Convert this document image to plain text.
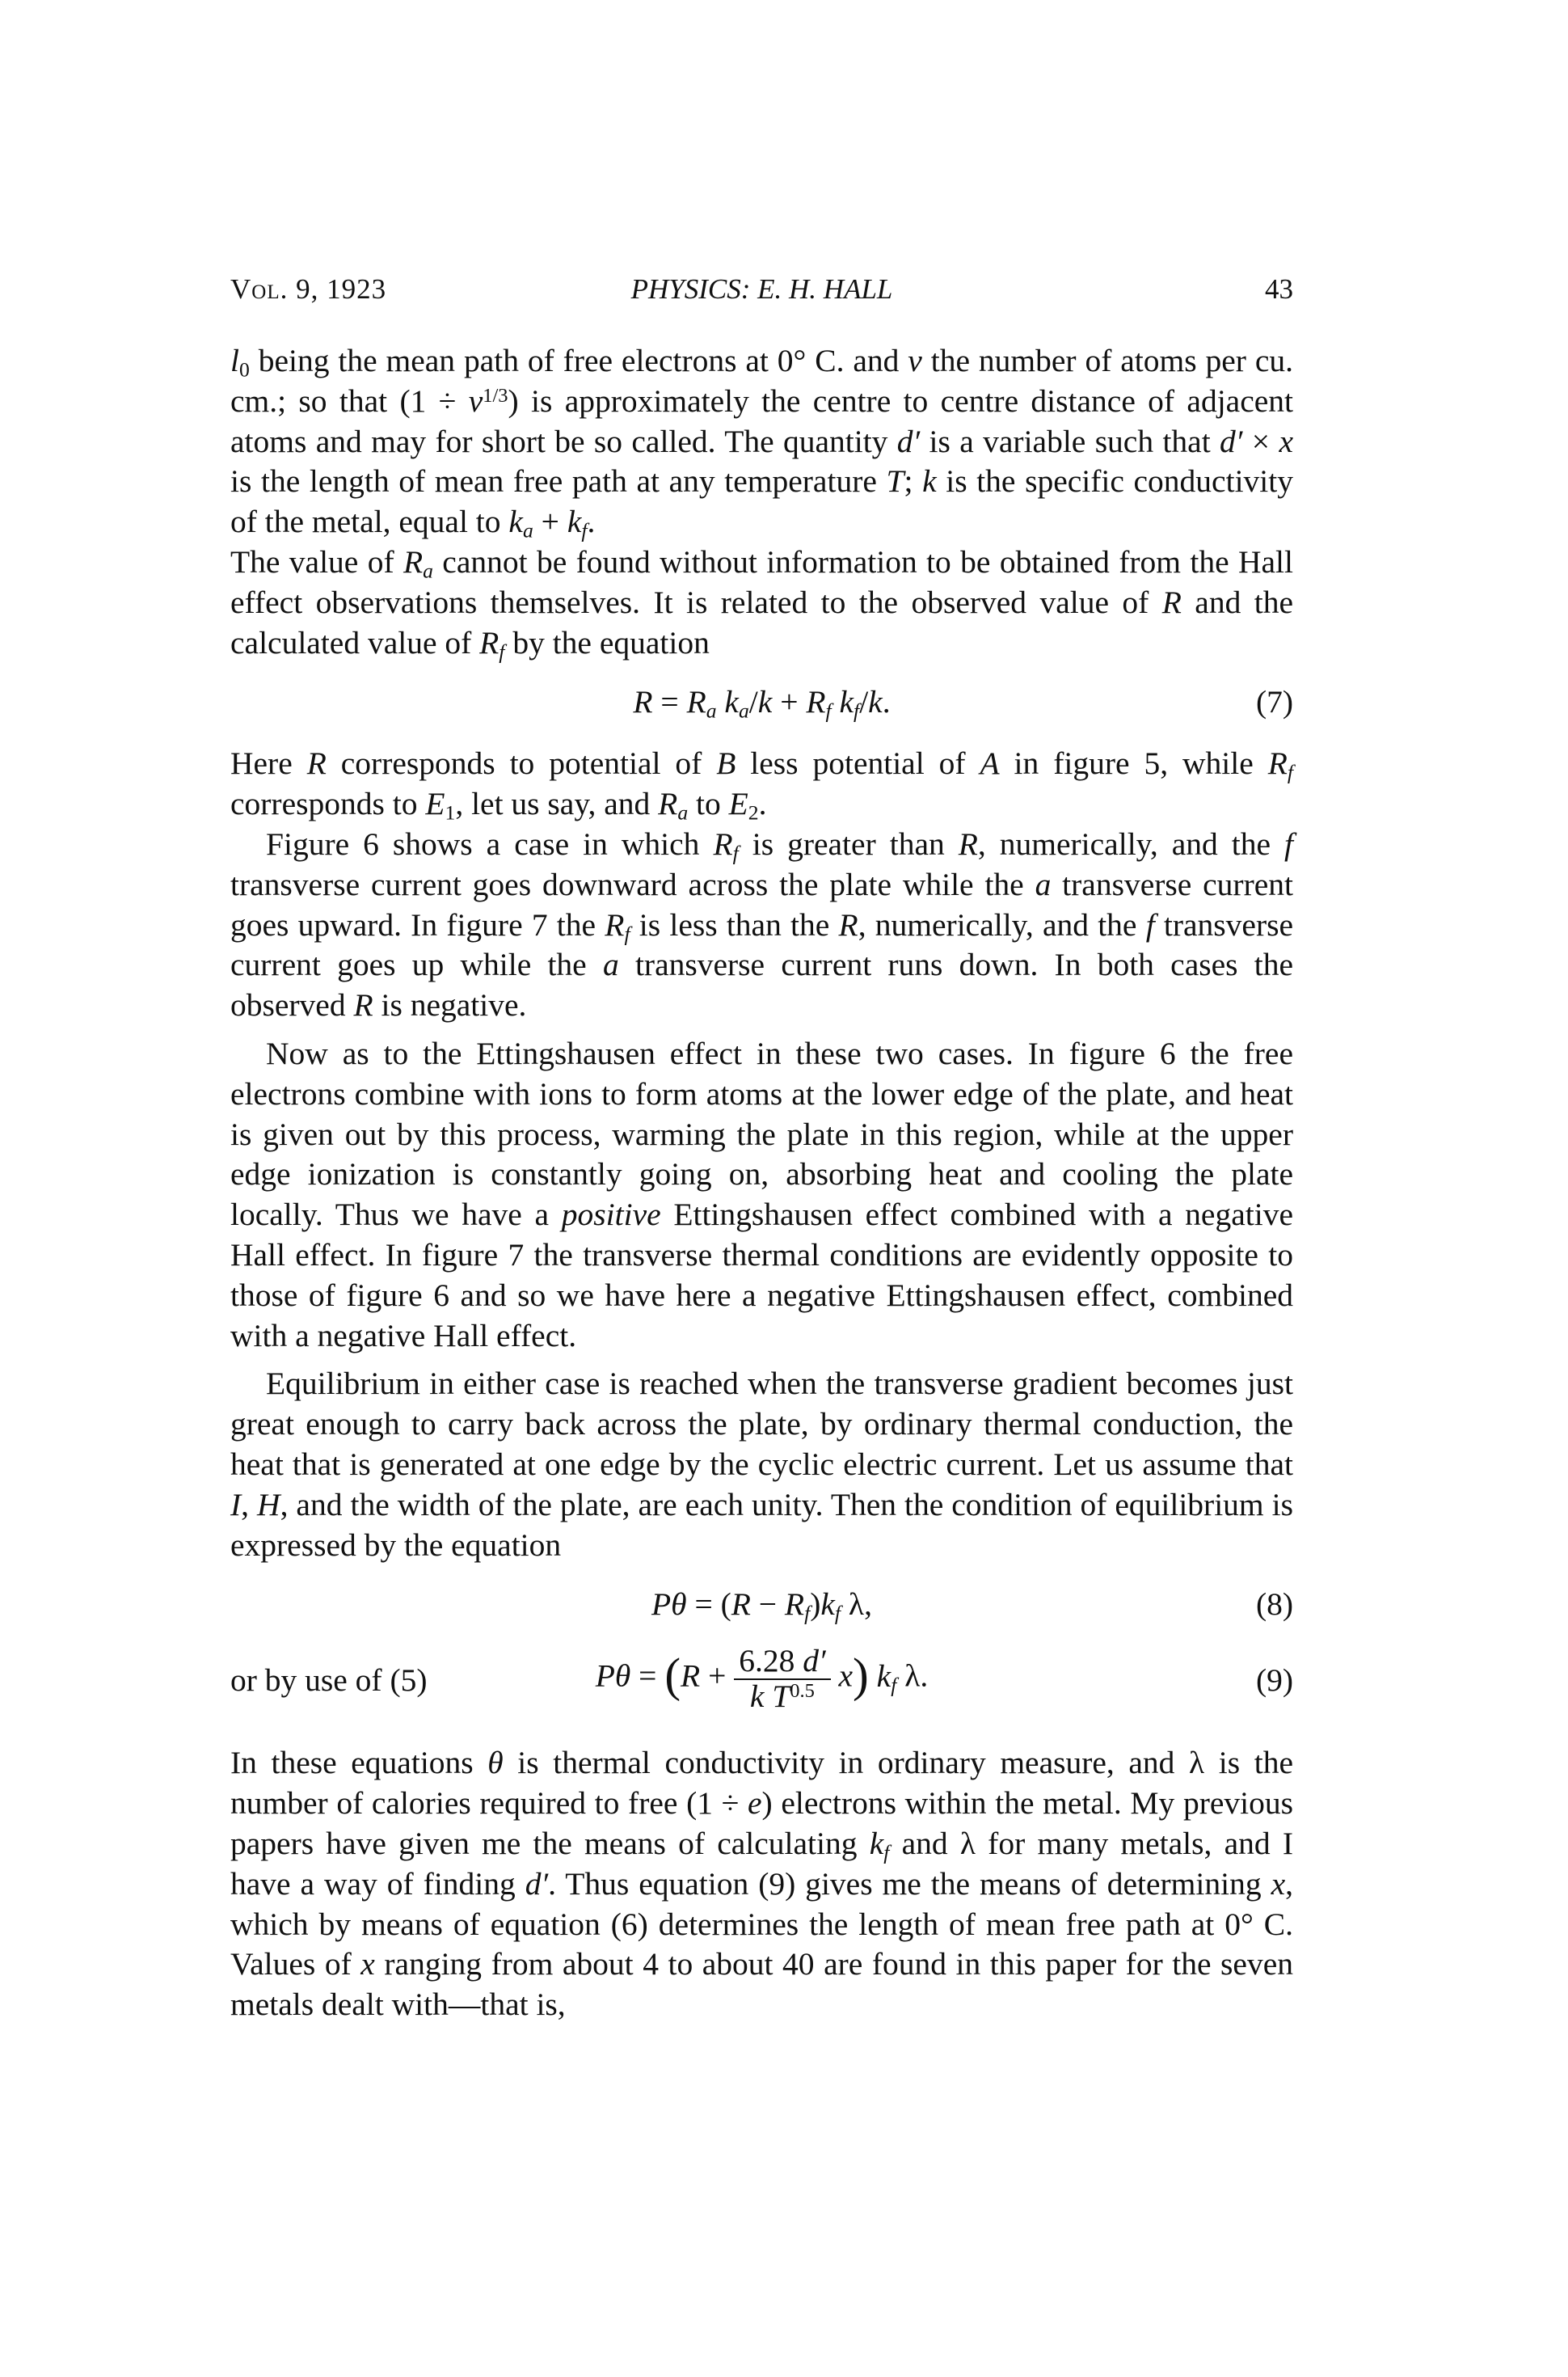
Vol. 9, 1923	PHYSICS: E. H. HALL	43

$l_0$ being the mean path of free electrons at 0° C. and ν the number of atoms per cu. cm.; so that $(1 \div \nu^{1/3})$ is approximately the centre to centre distance of adjacent atoms and may for short be so called. The quantity d′ is a variable such that d′ × x is the length of mean free path at any temperature T; k is the specific conductivity of the metal, equal to $k_a + k_f$.

The value of $R_a$ cannot be found without information to be obtained from the Hall effect observations themselves. It is related to the observed value of R and the calculated value of $R_f$ by the equation

$R = R_a$ $k_a/k + R_f$ $k_f/k$.	(7)

Here R corresponds to potential of B less potential of A in figure 5, while $R_f$ corresponds to $E_1$, let us say, and $R_a$ to $E_2$.

Figure 6 shows a case in which $R_f$ is greater than R, numerically, and the f transverse current goes downward across the plate while the a transverse current goes upward. In figure 7 the $R_f$ is less than the R, numerically, and the f transverse current goes up while the a transverse current runs down. In both cases the observed R is negative.

Now as to the Ettingshausen effect in these two cases. In figure 6 the free electrons combine with ions to form atoms at the lower edge of the plate, and heat is given out by this process, warming the plate in this region, while at the upper edge ionization is constantly going on, absorbing heat and cooling the plate locally. Thus we have a positive Ettingshausen effect combined with a negative Hall effect. In figure 7 the transverse thermal conditions are evidently opposite to those of figure 6 and so we have here a negative Ettingshausen effect, combined with a negative Hall effect.

Equilibrium in either case is reached when the transverse gradient becomes just great enough to carry back across the plate, by ordinary thermal conduction, the heat that is generated at one edge by the cyclic electric current. Let us assume that I, H, and the width of the plate, are each unity. Then the condition of equilibrium is expressed by the equation

$P\theta = (R - R_f)k_f$ λ,	(8)
or by use of (5)	$P\theta = (R + \frac{6.28 d'}{k T^{0.5}} x)$ $k_f$ λ.	(9)

In these equations θ is thermal conductivity in ordinary measure, and λ is the number of calories required to free (1 ÷ e) electrons within the metal. My previous papers have given me the means of calculating $k_f$ and λ for many metals, and I have a way of finding d′. Thus equation (9) gives me the means of determining x, which by means of equation (6) determines the length of mean free path at 0° C. Values of x ranging from about 4 to about 40 are found in this paper for the seven metals dealt with—that is,
